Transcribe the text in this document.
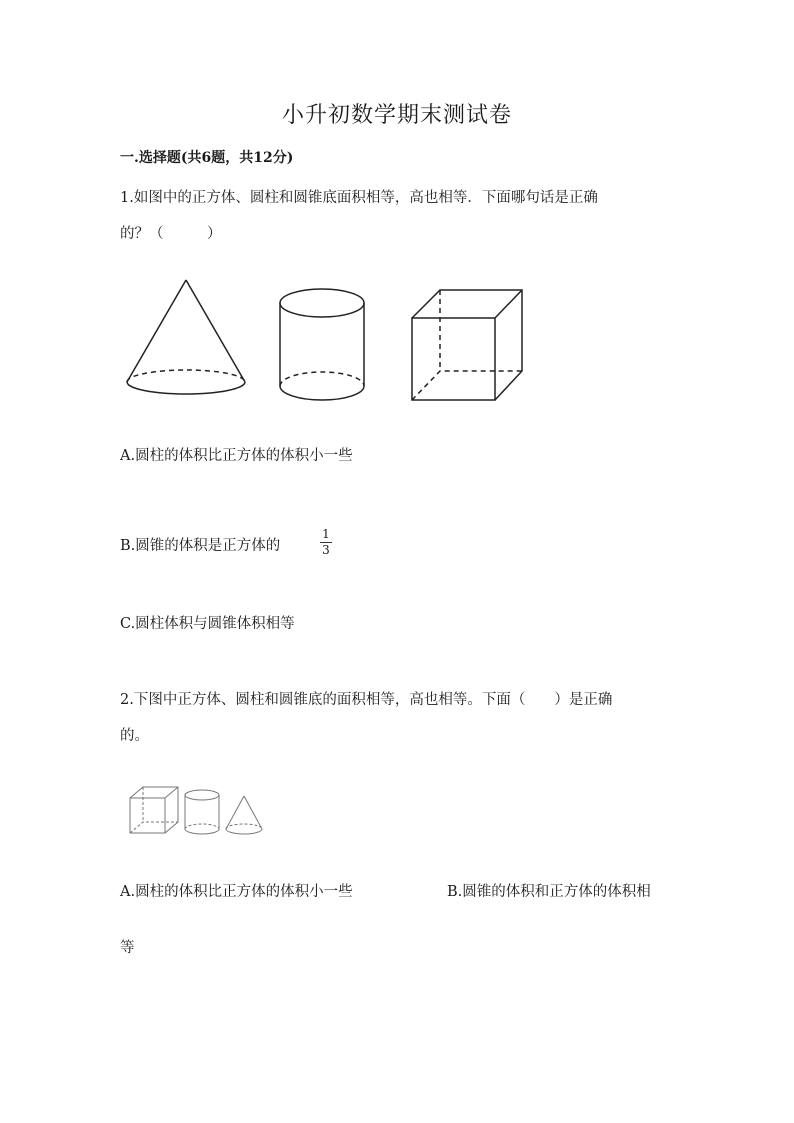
小升初数学期末测试卷
一.选择题(共6题，共12分)
1.如图中的正方体、圆柱和圆锥底面积相等，高也相等．下面哪句话是正确
的？（　　　）
A.圆柱的体积比正方体的体积小一些
B.圆锥的体积是正方体的
1
3
C.圆柱体积与圆锥体积相等
2.下图中正方体、圆柱和圆锥底的面积相等，高也相等。下面（　　）是正确
的。
A.圆柱的体积比正方体的体积小一些	B.圆锥的体积和正方体的体积相
等
